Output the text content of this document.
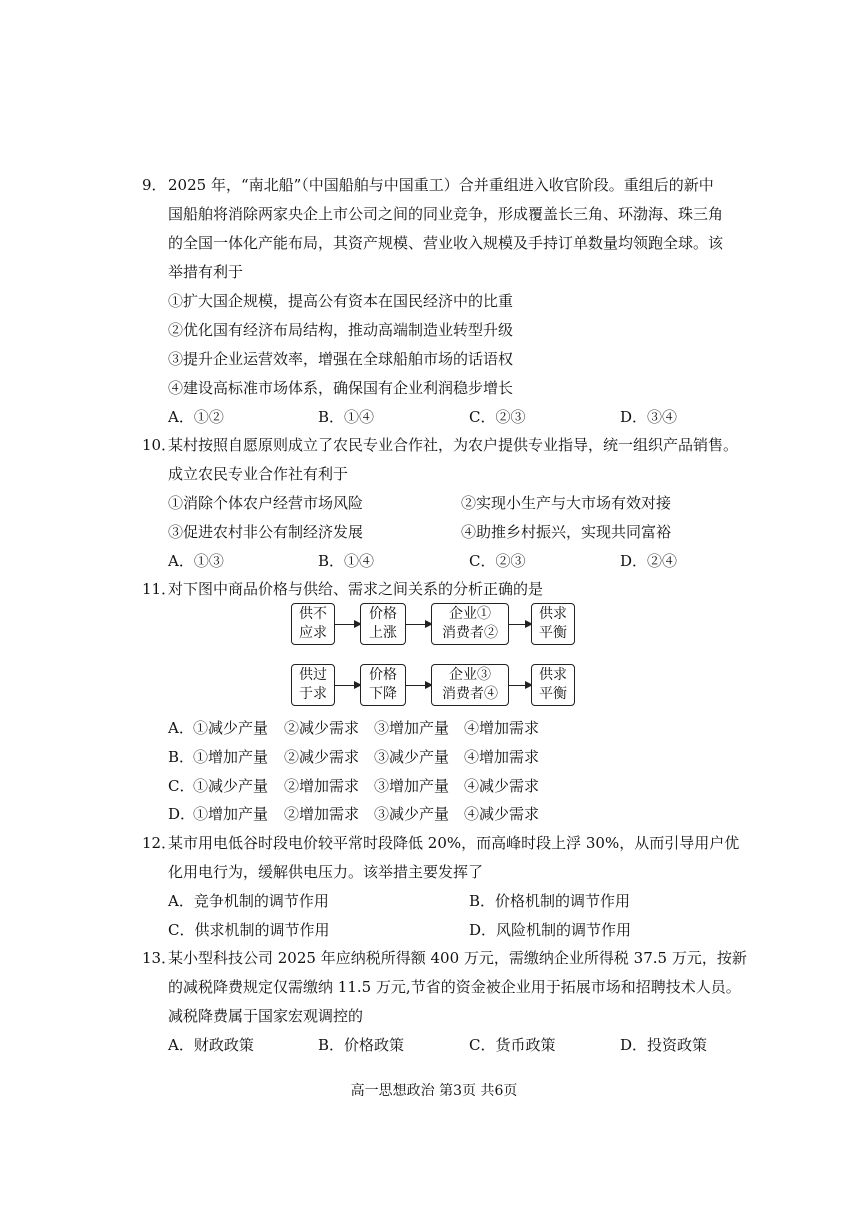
9． 2025 年，“南北船”（中国船舶与中国重工）合并重组进入收官阶段。重组后的新中
国船舶将消除两家央企上市公司之间的同业竞争，形成覆盖长三角、环渤海、珠三角
的全国一体化产能布局，其资产规模、营业收入规模及手持订单数量均领跑全球。该
举措有利于
①扩大国企规模，提高公有资本在国民经济中的比重
②优化国有经济布局结构，推动高端制造业转型升级
③提升企业运营效率，增强在全球船舶市场的话语权
④建设高标准市场体系，确保国有企业利润稳步增长
A．①②	B．①④	C．②③	D．③④
10．
某村按照自愿原则成立了农民专业合作社，为农户提供专业指导，统一组织产品销售。
成立农民专业合作社有利于
①消除个体农户经营市场风险	②实现小生产与大市场有效对接
③促进农村非公有制经济发展	④助推乡村振兴，实现共同富裕
A．①③	B．①④	C．②③	D．②④
11．
对下图中商品价格与供给、需求之间关系的分析正确的是
供不
应求
价格
上涨
企业①
消费者②
供求
平衡
供过
于求
价格
下降
企业③
消费者④
供求
平衡
A． ①减少产量 ②减少需求 ③增加产量 ④增加需求
B．
①增加产量 ②减少需求 ③减少产量 ④增加需求
C．
①减少产量 ②增加需求 ③增加产量 ④减少需求
D．
①增加产量 ②增加需求 ③减少产量 ④减少需求
12．
某市用电低谷时段电价较平常时段降低 20%，而高峰时段上浮 30%，从而引导用户优
化用电行为，缓解供电压力。该举措主要发挥了
A．竞争机制的调节作用	B．价格机制的调节作用
C．供求机制的调节作用	D．风险机制的调节作用
13．
某小型科技公司 2025 年应纳税所得额 400 万元，需缴纳企业所得税 37.5 万元，按新
的减税降费规定仅需缴纳 11.5 万元,节省的资金被企业用于拓展市场和招聘技术人员。
减税降费属于国家宏观调控的
A．财政政策	B．价格政策	C．货币政策	D．投资政策
高一思想政治 第3页 共6页
